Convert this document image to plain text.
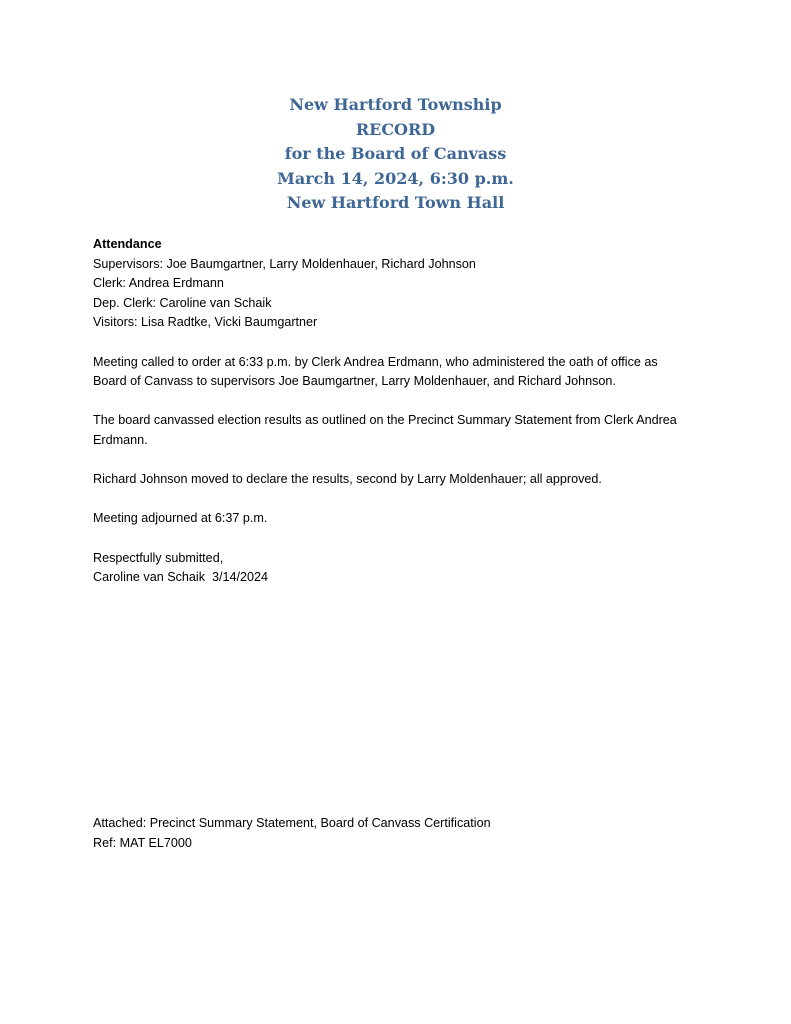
New Hartford Township
RECORD
for the Board of Canvass
March 14, 2024, 6:30 p.m.
New Hartford Town Hall

Attendance

Supervisors: Joe Baumgartner, Larry Moldenhauer, Richard Johnson

Clerk: Andrea Erdmann

Dep. Clerk: Caroline van Schaik

Visitors: Lisa Radtke, Vicki Baumgartner

Meeting called to order at 6:33 p.m. by Clerk Andrea Erdmann, who administered the oath of office as

Board of Canvass to supervisors Joe Baumgartner, Larry Moldenhauer, and Richard Johnson.

The board canvassed election results as outlined on the Precinct Summary Statement from Clerk Andrea

Erdmann.

Richard Johnson moved to declare the results, second by Larry Moldenhauer; all approved.

Meeting adjourned at 6:37 p.m.

Respectfully submitted,

Caroline van Schaik  3/14/2024

Attached: Precinct Summary Statement, Board of Canvass Certification

Ref: MAT EL7000
